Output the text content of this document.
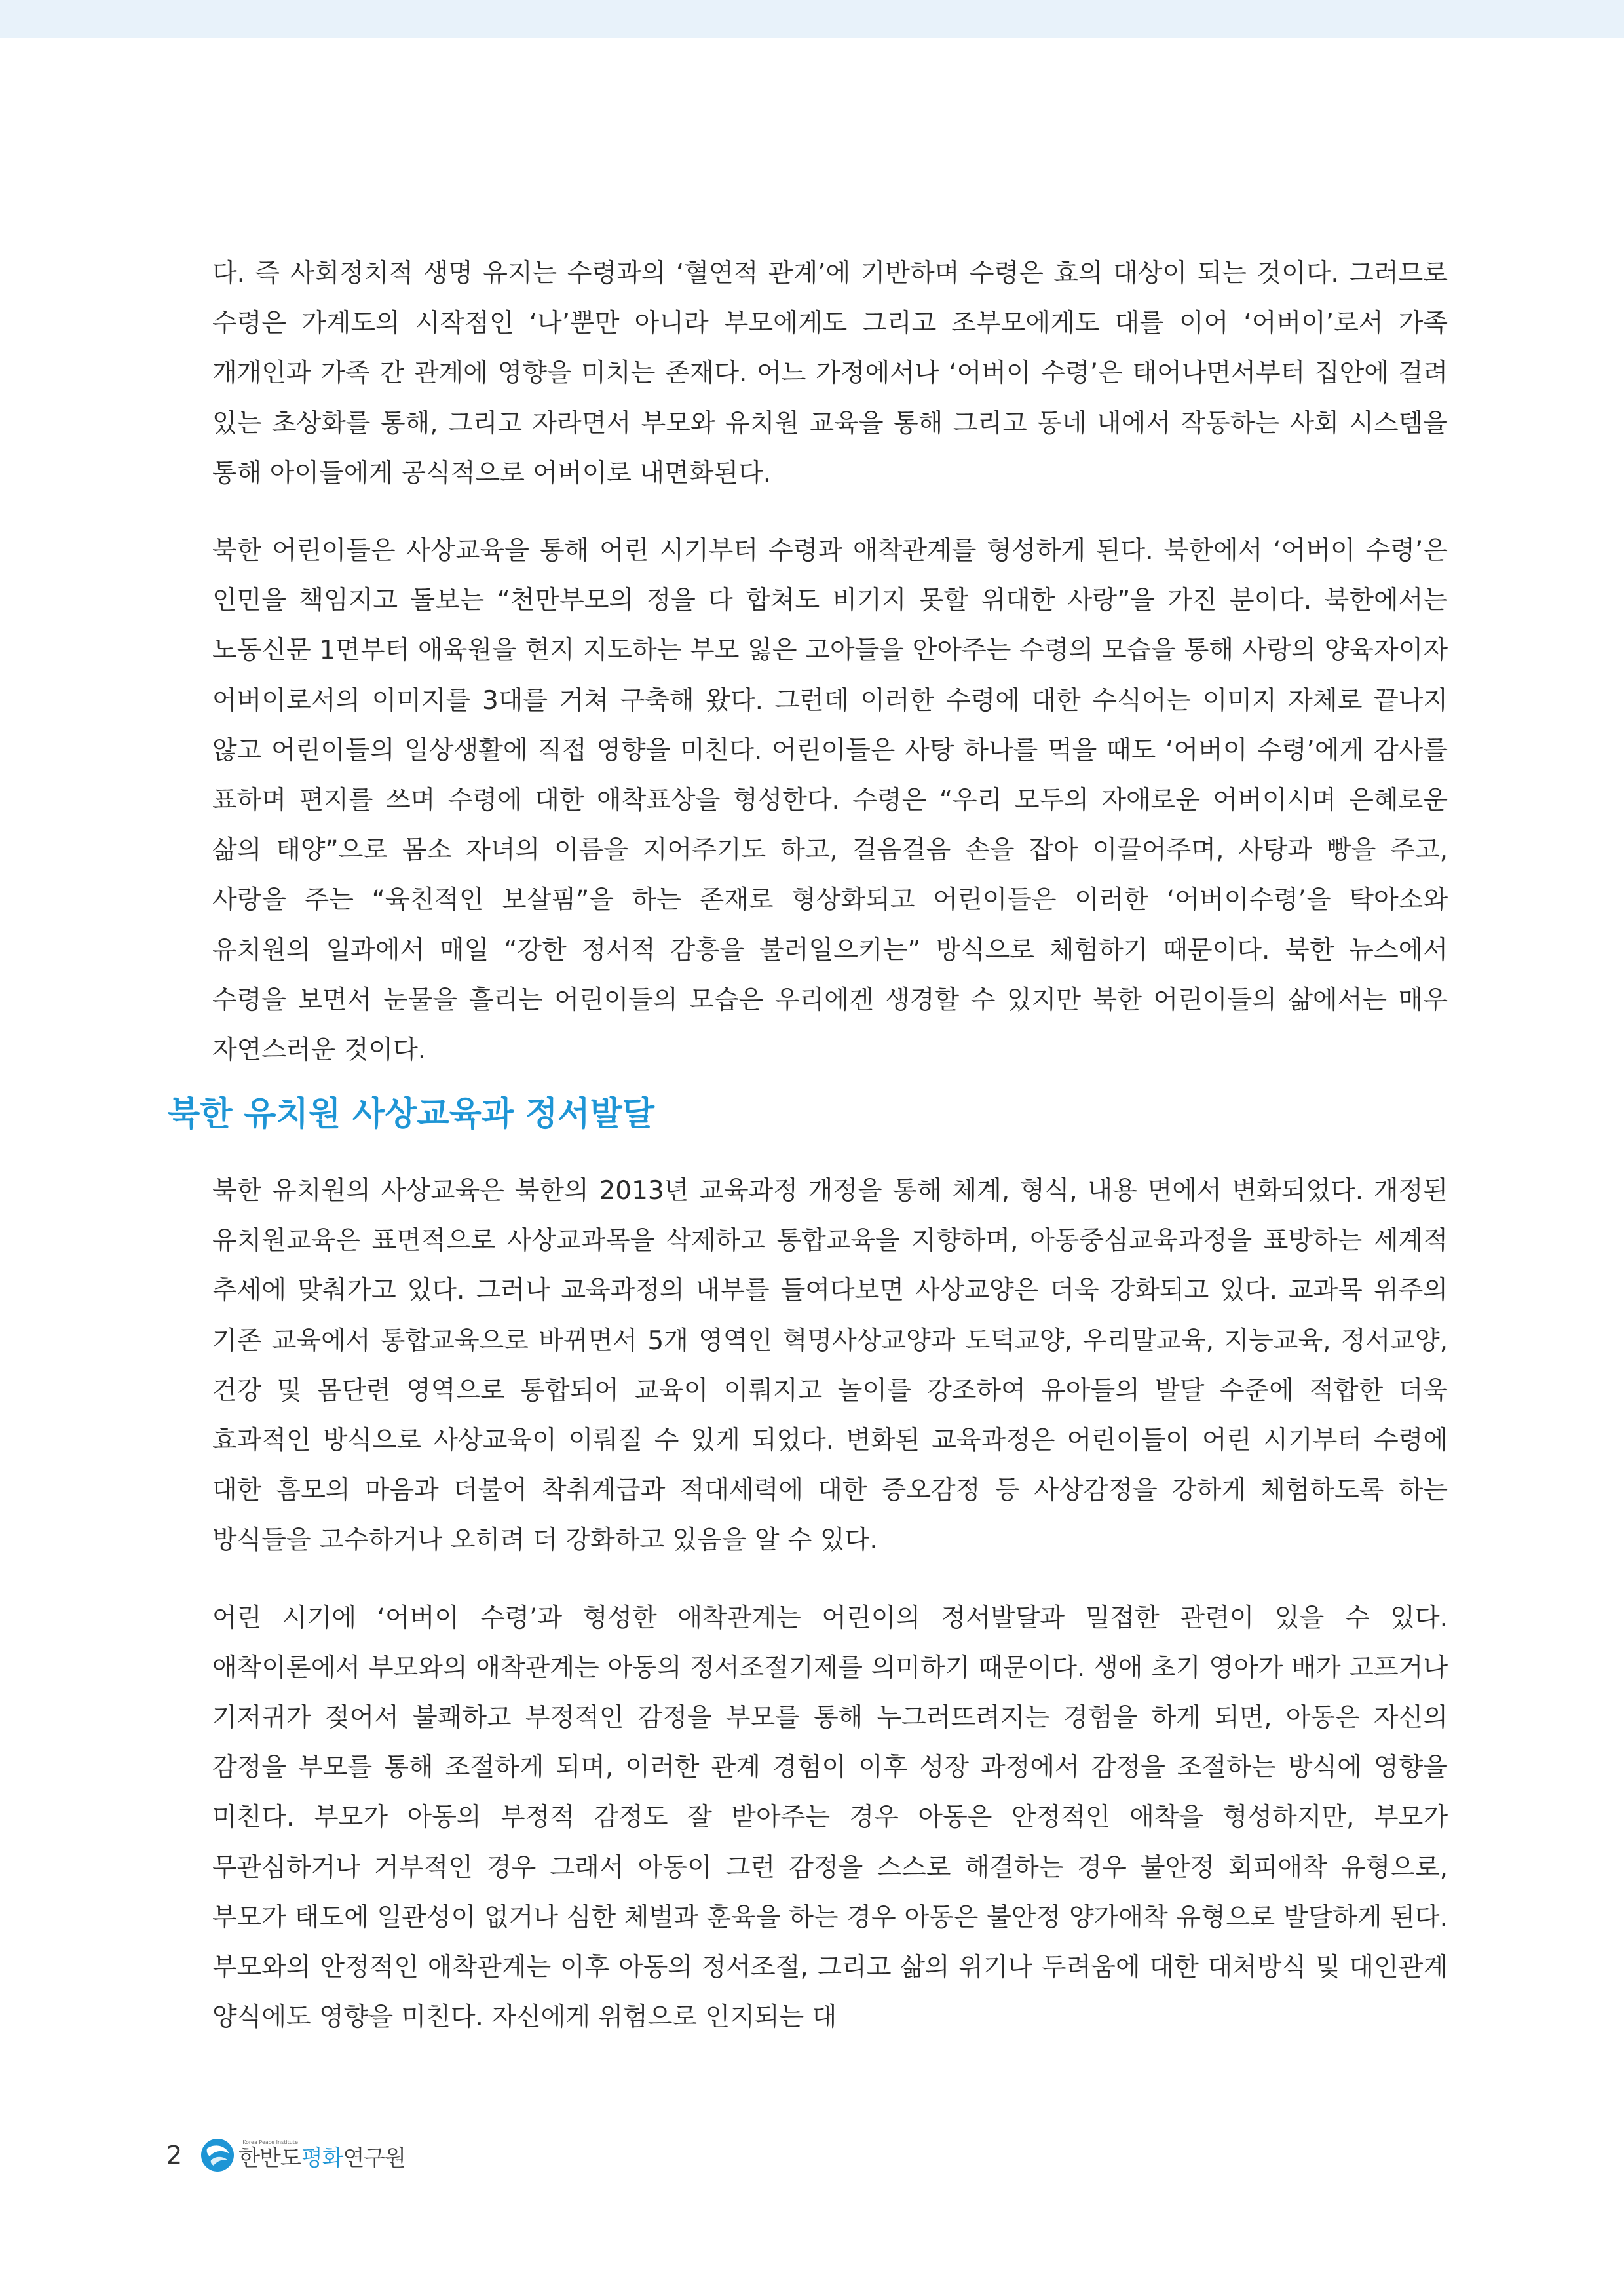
다. 즉 사회정치적 생명 유지는 수령과의 ‘혈연적 관계’에 기반하며 수령은 효의 대상이 되는 것이다. 그러므로 수령은 가계도의 시작점인 ‘나’뿐만 아니라 부모에게도 그리고 조부모에게도 대를 이어 ‘어버이’로서 가족 개개인과 가족 간 관계에 영향을 미치는 존재다. 어느 가정에서나 ‘어버이 수령’은 태어나면서부터 집안에 걸려 있는 초상화를 통해, 그리고 자라면서 부모와 유치원 교육을 통해 그리고 동네 내에서 작동하는 사회 시스템을 통해 아이들에게 공식적으로 어버이로 내면화된다.

북한 어린이들은 사상교육을 통해 어린 시기부터 수령과 애착관계를 형성하게 된다. 북한에서 ‘어버이 수령’은 인민을 책임지고 돌보는 “천만부모의 정을 다 합쳐도 비기지 못할 위대한 사랑”을 가진 분이다. 북한에서는 노동신문 1면부터 애육원을 현지 지도하는 부모 잃은 고아들을 안아주는 수령의 모습을 통해 사랑의 양육자이자 어버이로서의 이미지를 3대를 거쳐 구축해 왔다. 그런데 이러한 수령에 대한 수식어는 이미지 자체로 끝나지 않고 어린이들의 일상생활에 직접 영향을 미친다. 어린이들은 사탕 하나를 먹을 때도 ‘어버이 수령’에게 감사를 표하며 편지를 쓰며 수령에 대한 애착표상을 형성한다. 수령은 “우리 모두의 자애로운 어버이시며 은혜로운 삶의 태양”으로 몸소 자녀의 이름을 지어주기도 하고, 걸음걸음 손을 잡아 이끌어주며, 사탕과 빵을 주고, 사랑을 주는 “육친적인 보살핌”을 하는 존재로 형상화되고 어린이들은 이러한 ‘어버이수령’을 탁아소와 유치원의 일과에서 매일 “강한 정서적 감흥을 불러일으키는” 방식으로 체험하기 때문이다. 북한 뉴스에서 수령을 보면서 눈물을 흘리는 어린이들의 모습은 우리에겐 생경할 수 있지만 북한 어린이들의 삶에서는 매우 자연스러운 것이다.

북한 유치원 사상교육과 정서발달

북한 유치원의 사상교육은 북한의 2013년 교육과정 개정을 통해 체계, 형식, 내용 면에서 변화되었다. 개정된 유치원교육은 표면적으로 사상교과목을 삭제하고 통합교육을 지향하며, 아동중심교육과정을 표방하는 세계적 추세에 맞춰가고 있다. 그러나 교육과정의 내부를 들여다보면 사상교양은 더욱 강화되고 있다. 교과목 위주의 기존 교육에서 통합교육으로 바뀌면서 5개 영역인 혁명사상교양과 도덕교양, 우리말교육, 지능교육, 정서교양, 건강 및 몸단련 영역으로 통합되어 교육이 이뤄지고 놀이를 강조하여 유아들의 발달 수준에 적합한 더욱 효과적인 방식으로 사상교육이 이뤄질 수 있게 되었다. 변화된 교육과정은 어린이들이 어린 시기부터 수령에 대한 흠모의 마음과 더불어 착취계급과 적대세력에 대한 증오감정 등 사상감정을 강하게 체험하도록 하는 방식들을 고수하거나 오히려 더 강화하고 있음을 알 수 있다.

어린 시기에 ‘어버이 수령’과 형성한 애착관계는 어린이의 정서발달과 밀접한 관련이 있을 수 있다. 애착이론에서 부모와의 애착관계는 아동의 정서조절기제를 의미하기 때문이다. 생애 초기 영아가 배가 고프거나 기저귀가 젖어서 불쾌하고 부정적인 감정을 부모를 통해 누그러뜨려지는 경험을 하게 되면, 아동은 자신의 감정을 부모를 통해 조절하게 되며, 이러한 관계 경험이 이후 성장 과정에서 감정을 조절하는 방식에 영향을 미친다. 부모가 아동의 부정적 감정도 잘 받아주는 경우 아동은 안정적인 애착을 형성하지만, 부모가 무관심하거나 거부적인 경우 그래서 아동이 그런 감정을 스스로 해결하는 경우 불안정 회피애착 유형으로, 부모가 태도에 일관성이 없거나 심한 체벌과 훈육을 하는 경우 아동은 불안정 양가애착 유형으로 발달하게 된다. 부모와의 안정적인 애착관계는 이후 아동의 정서조절, 그리고 삶의 위기나 두려움에 대한 대처방식 및 대인관계 양식에도 영향을 미친다. 자신에게 위험으로 인지되는 대

2	Korea Peace Institute
한반도평화연구원
